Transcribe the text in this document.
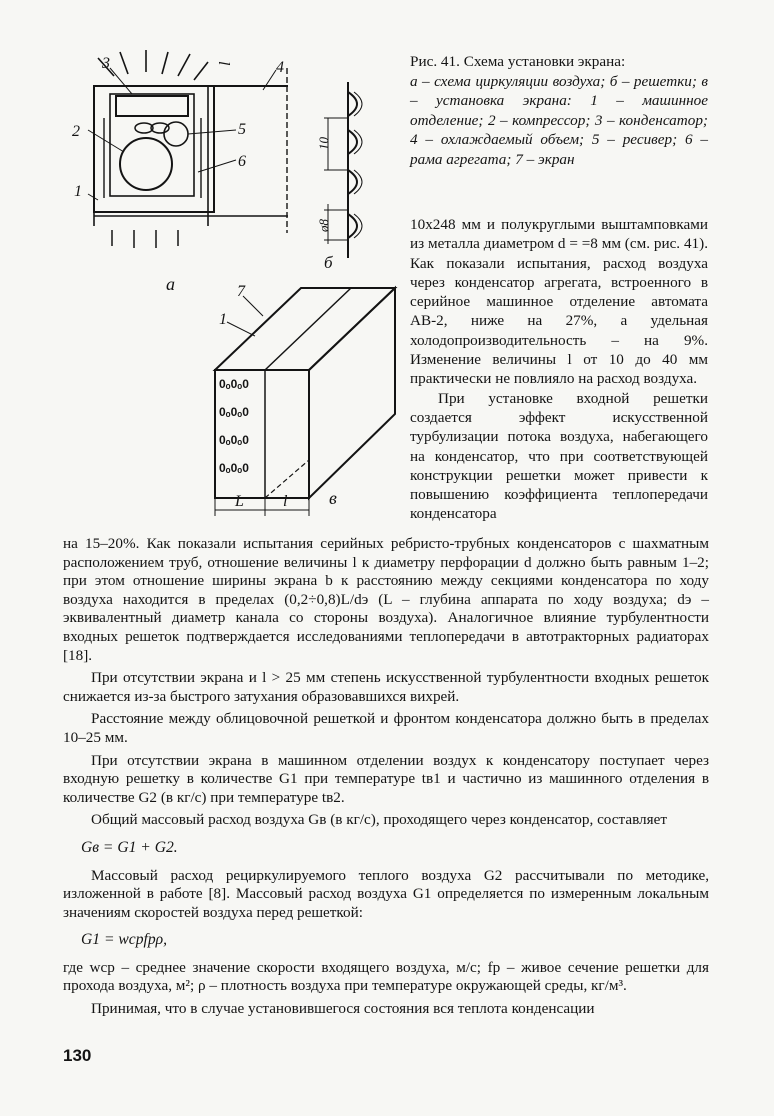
3	4
2	5
6
1
l
а
10
ø8
б
0ₒ0ₒ0
0ₒ0ₒ0
0ₒ0ₒ0
0ₒ0ₒ0
7
1
L l в
Рис. 41. Схема установки экрана:
а – схема циркуляции воздуха; б – решетки; в – установка экрана: 1 – машинное отделение; 2 – компрессор; 3 – конденсатор; 4 – охлаждаемый объем; 5 – ресивер; 6 – рама агрегата; 7 – экран

10x248 мм и полукруглыми выштамповками из металла диаметром d = =8 мм (см. рис. 41). Как показали испытания, расход воздуха через конденсатор агрегата, встроенного в серийное машинное отделение автомата АВ-2, ниже на 27%, а удельная холодопроизводительность – на 9%. Изменение величины l от 10 до 40 мм практически не повлияло на расход воздуха.

При установке входной решетки создается эффект искусственной турбулизации потока воздуха, набегающего на конденсатор, что при соответствующей конструкции решетки может привести к повышению коэффициента теплопередачи конденсатора

на 15–20%. Как показали испытания серийных ребристо-трубных конденсаторов с шахматным расположением труб, отношение величины l к диаметру перфорации d должно быть равным 1–2; при этом отношение ширины экрана b к расстоянию между секциями конденсатора по ходу воздуха находится в пределах (0,2÷0,8)L/dэ (L – глубина аппарата по ходу воздуха; dэ – эквивалентный диаметр канала со стороны воздуха). Аналогичное влияние турбулентности входных решеток подтверждается исследованиями теплопередачи в автотракторных радиаторах [18].

При отсутствии экрана и l > 25 мм степень искусственной турбулентности входных решеток снижается из-за быстрого затухания образовавшихся вихрей.

Расстояние между облицовочной решеткой и фронтом конденсатора должно быть в пределах 10–25 мм.

При отсутствии экрана в машинном отделении воздух к конденсатору поступает через входную решетку в количестве G1 при температуре tв1 и частично из машинного отделения в количестве G2 (в кг/с) при температуре tв2.

Общий массовый расход воздуха Gв (в кг/с), проходящего через конденсатор, составляет

Gв = G1 + G2.

Массовый расход рециркулируемого теплого воздуха G2 рассчитывали по методике, изложенной в работе [8]. Массовый расход воздуха G1 определяется по измеренным локальным значениям скоростей воздуха перед решеткой:

G1 = wсрfрρ,

где wср – среднее значение скорости входящего воздуха, м/с; fр – живое сечение решетки для прохода воздуха, м²; ρ – плотность воздуха при температуре окружающей среды, кг/м³.

Принимая, что в случае установившегося состояния вся теплота конденсации

130
